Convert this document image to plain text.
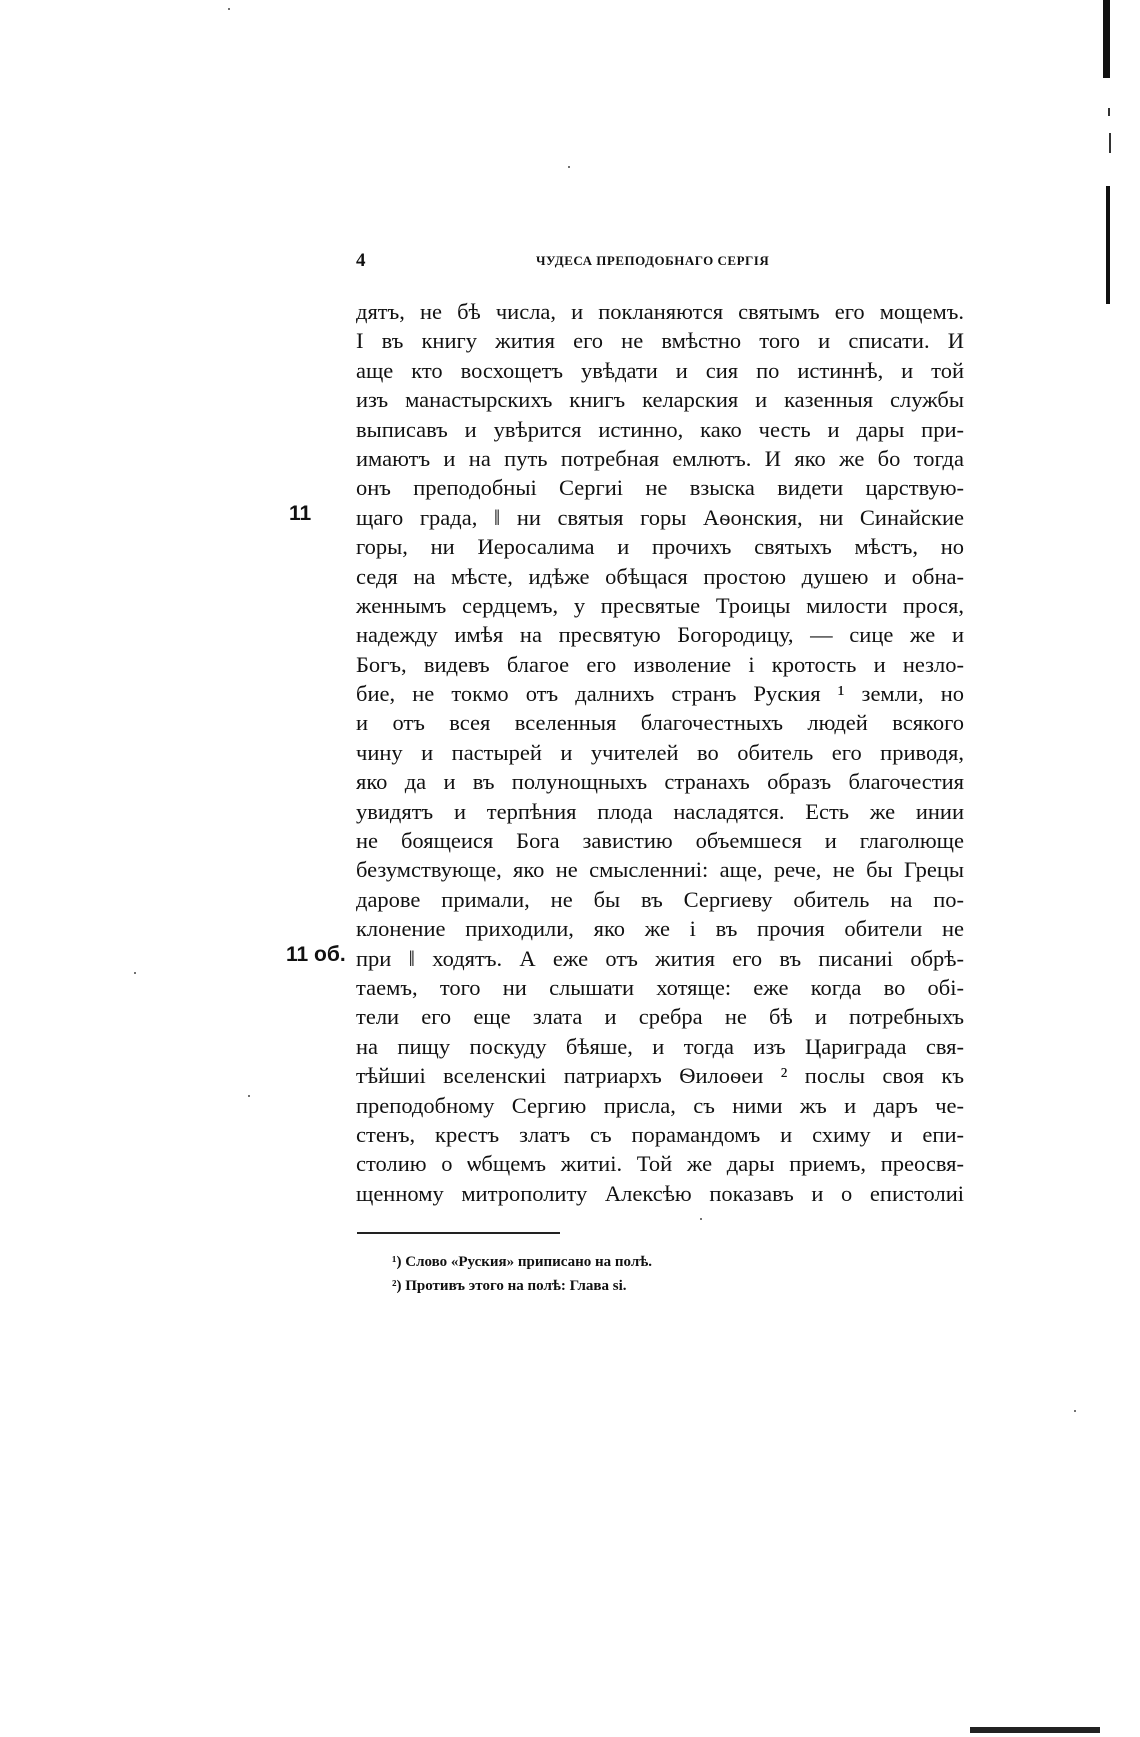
4	ЧУДЕСА ПРЕПОДОБНАГО СЕРГІЯ
11
11 об.
дятъ, не бѣ числа, и покланяются святымъ его мощемъ.
І въ книгу жития его не вмѣстно того и списати. И
аще кто восхощетъ увѣдати и сия по истиннѣ, и той
изъ манастырскихъ книгъ келарския и казенныя службы
выписавъ и увѣрится истинно, како честь и дары при-
имаютъ и на путь потребная емлютъ. И яко же бо тогда
онъ преподобныі Сергиі не взыска видети царствую-
щаго града, ‖ ни святыя горы Аѳонския, ни Синайские
горы, ни Иеросалима и прочихъ святыхъ мѣстъ, но
седя на мѣсте, идѣже обѣщася простою душею и обна-
женнымъ сердцемъ, у пресвятые Троицы милости прося,
надежду имѣя на пресвятую Богородицу, — сице же и
Богъ, видевъ благое его изволение і кротость и незло-
бие, не токмо отъ далнихъ странъ Руския ¹ земли, но
и отъ всея вселенныя благочестныхъ людей всякого
чину и пастырей и учителей во обитель его приводя,
яко да и въ полунощныхъ странахъ образъ благочестия
увидятъ и терпѣния плода насладятся. Есть же инии
не боящеися Бога завистию объемшеся и глаголюще
безумствующе, яко не смысленниі: аще, рече, не бы Грецы
дарове примали, не бы въ Сергиеву обитель на по-
клонение приходили, яко же і въ прочия обители не
при ‖ ходятъ. А еже отъ жития его въ писаниі обрѣ-
таемъ, того ни слышати хотяще: еже когда во обі-
тели его еще злата и сребра не бѣ и потребныхъ
на пищу поскуду бѣяше, и тогда изъ Цариграда свя-
тѣйшиі вселенскиі патриархъ Ѳилоѳеи ² послы своя къ
преподобному Сергию присла, съ ними жъ и даръ че-
стенъ, крестъ златъ съ порамандомъ и схиму и епи-
столию о ѡбщемъ житиі. Той же дары приемъ, преосвя-
щенному митрополиту Алексѣю показавъ и о епистолиі
¹) Слово «Руския» приписано на полѣ.
²) Противъ этого на полѣ: Глава ѕі.
